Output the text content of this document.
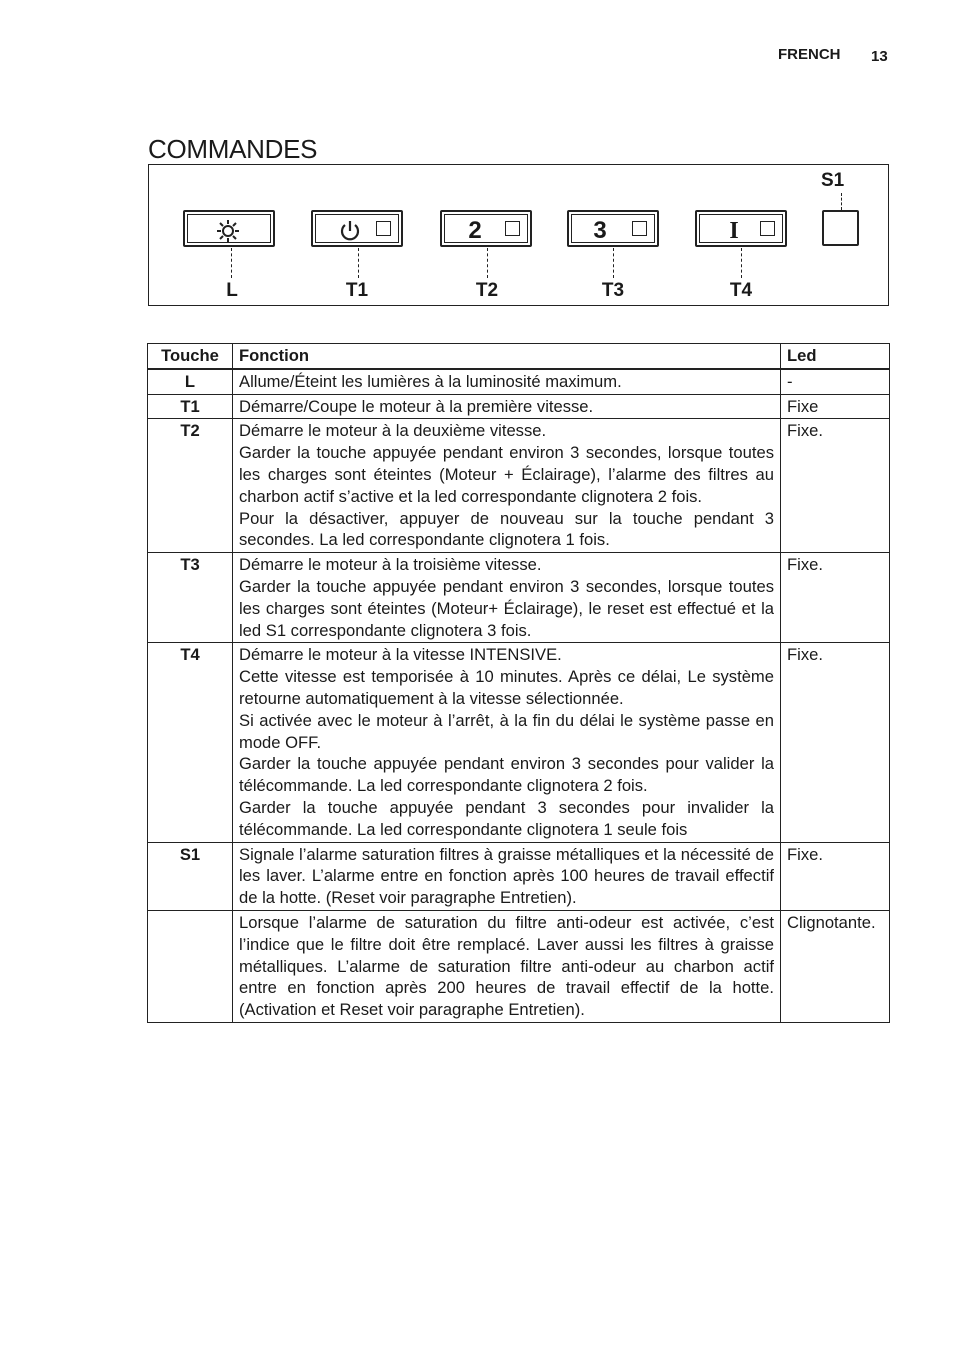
FRENCH 13
COMMANDES
2	3	I
S1
L	T1	T2	T3	T4
Touche	Fonction	Led
L	Allume/Éteint les lumières à la luminosité maximum.	-
T1	Démarre/Coupe le moteur à la première vitesse.	Fixe
T2	Démarre le moteur à la deuxième vitesse.
Garder la touche appuyée pendant environ 3 secondes, lorsque toutes les charges sont éteintes (Moteur + Éclairage), l’alarme des filtres au charbon actif s’active et la led correspondante clignotera 2 fois.
Pour la désactiver, appuyer de nouveau sur la touche pendant 3 secondes. La led correspondante clignotera 1 fois.	Fixe.
T3	Démarre le moteur à la troisième vitesse.
Garder la touche appuyée pendant environ 3 secondes, lorsque toutes les charges sont éteintes (Moteur+ Éclairage), le reset est effectué et la led S1 correspondante clignotera 3 fois.	Fixe.
T4	Démarre le moteur à la vitesse INTENSIVE.
Cette vitesse est temporisée à 10 minutes. Après ce délai, Le système retourne automatiquement à la vitesse sélectionnée.
Si activée avec le moteur à l’arrêt, à la fin du délai le système passe en mode OFF.
Garder la touche appuyée pendant environ 3 secondes pour valider la télécommande. La led correspondante clignotera 2 fois.
Garder la touche appuyée pendant 3 secondes pour invalider la télécommande. La led correspondante clignotera 1 seule fois	Fixe.
S1	Signale l’alarme saturation filtres à graisse métalliques et la nécessité de les laver. L’alarme entre en fonction après 100 heures de travail effectif de la hotte. (Reset voir paragraphe Entretien).	Fixe.

	Lorsque l’alarme de saturation du filtre anti-odeur est activée, c’est l’indice que le filtre doit être remplacé. Laver aussi les filtres à graisse métalliques. L’alarme de saturation filtre anti-odeur au charbon actif entre en fonction après 200 heures de travail effectif de la hotte. (Activation et Reset voir paragraphe Entretien).	Clignotante.
